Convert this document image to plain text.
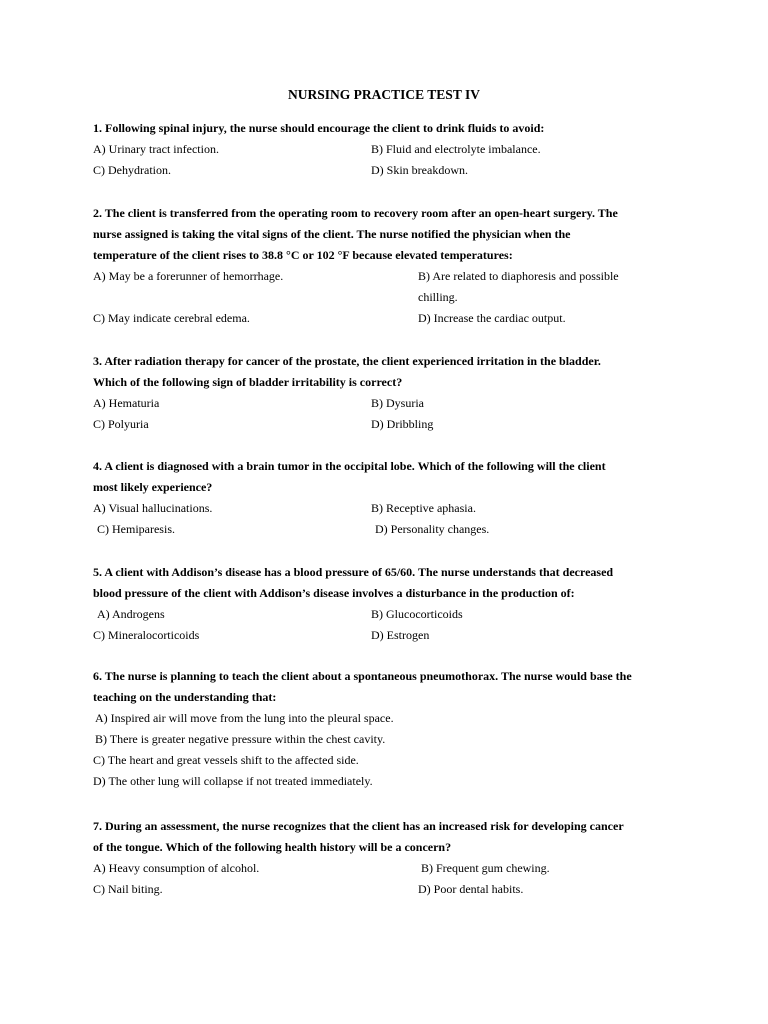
NURSING PRACTICE TEST IV
1. Following spinal injury, the nurse should encourage the client to drink fluids to avoid:
A) Urinary tract infection.	B) Fluid and electrolyte imbalance.
C) Dehydration.	D) Skin breakdown.
2. The client is transferred from the operating room to recovery room after an open-heart surgery. The
nurse assigned is taking the vital signs of the client. The nurse notified the physician when the
temperature of the client rises to 38.8 °C or 102 °F because elevated temperatures:
A) May be a forerunner of hemorrhage.	B) Are related to diaphoresis and possible chilling.
C) May indicate cerebral edema.	D) Increase the cardiac output.
3. After radiation therapy for cancer of the prostate, the client experienced irritation in the bladder.
Which of the following sign of bladder irritability is correct?
A) Hematuria	B) Dysuria
C) Polyuria	D) Dribbling
4. A client is diagnosed with a brain tumor in the occipital lobe. Which of the following will the client
most likely experience?
A) Visual hallucinations.	B) Receptive aphasia.
C) Hemiparesis.	D) Personality changes.
5. A client with Addison’s disease has a blood pressure of 65/60. The nurse understands that decreased
blood pressure of the client with Addison’s disease involves a disturbance in the production of:
A) Androgens	B) Glucocorticoids
C) Mineralocorticoids	D) Estrogen
6. The nurse is planning to teach the client about a spontaneous pneumothorax. The nurse would base the
teaching on the understanding that:
A) Inspired air will move from the lung into the pleural space.
B) There is greater negative pressure within the chest cavity.
C) The heart and great vessels shift to the affected side.
D) The other lung will collapse if not treated immediately.
7. During an assessment, the nurse recognizes that the client has an increased risk for developing cancer
of the tongue. Which of the following health history will be a concern?
A) Heavy consumption of alcohol.	B) Frequent gum chewing.
C) Nail biting.	D) Poor dental habits.
